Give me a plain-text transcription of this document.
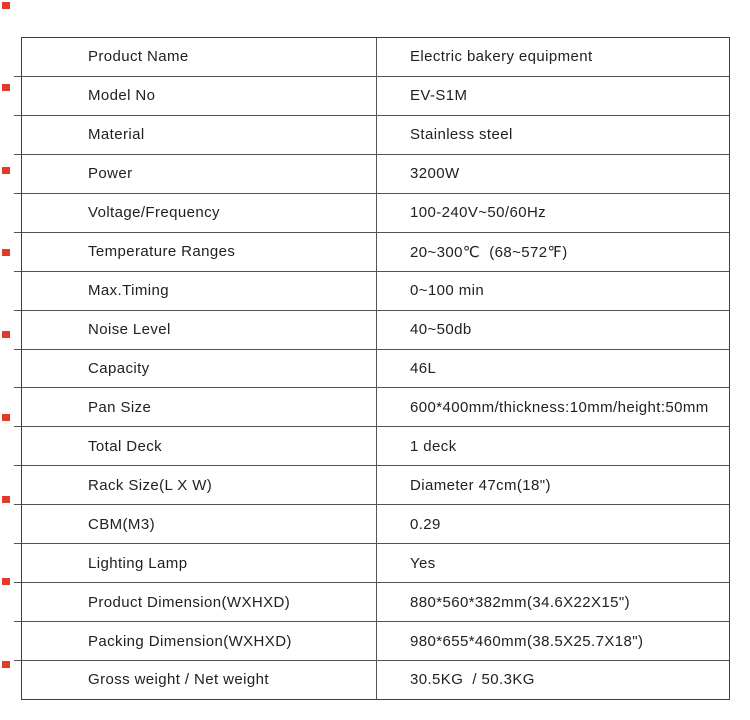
Product Name	Electric bakery equipment
Model No	EV-S1M
Material	Stainless steel
Power	3200W
Voltage/Frequency	100-240V~50/60Hz
Temperature Ranges	20~300℃  (68~572℉)
Max.Timing	0~100 min
Noise Level	40~50db
Capacity	46L
Pan Size	600*400mm/thickness:10mm/height:50mm
Total Deck	1 deck
Rack Size(L X W)	Diameter 47cm(18")
CBM(M3)	0.29
Lighting Lamp	Yes
Product Dimension(WXHXD)	880*560*382mm(34.6X22X15")
Packing Dimension(WXHXD)	980*655*460mm(38.5X25.7X18")
Gross weight / Net weight	30.5KG  / 50.3KG
